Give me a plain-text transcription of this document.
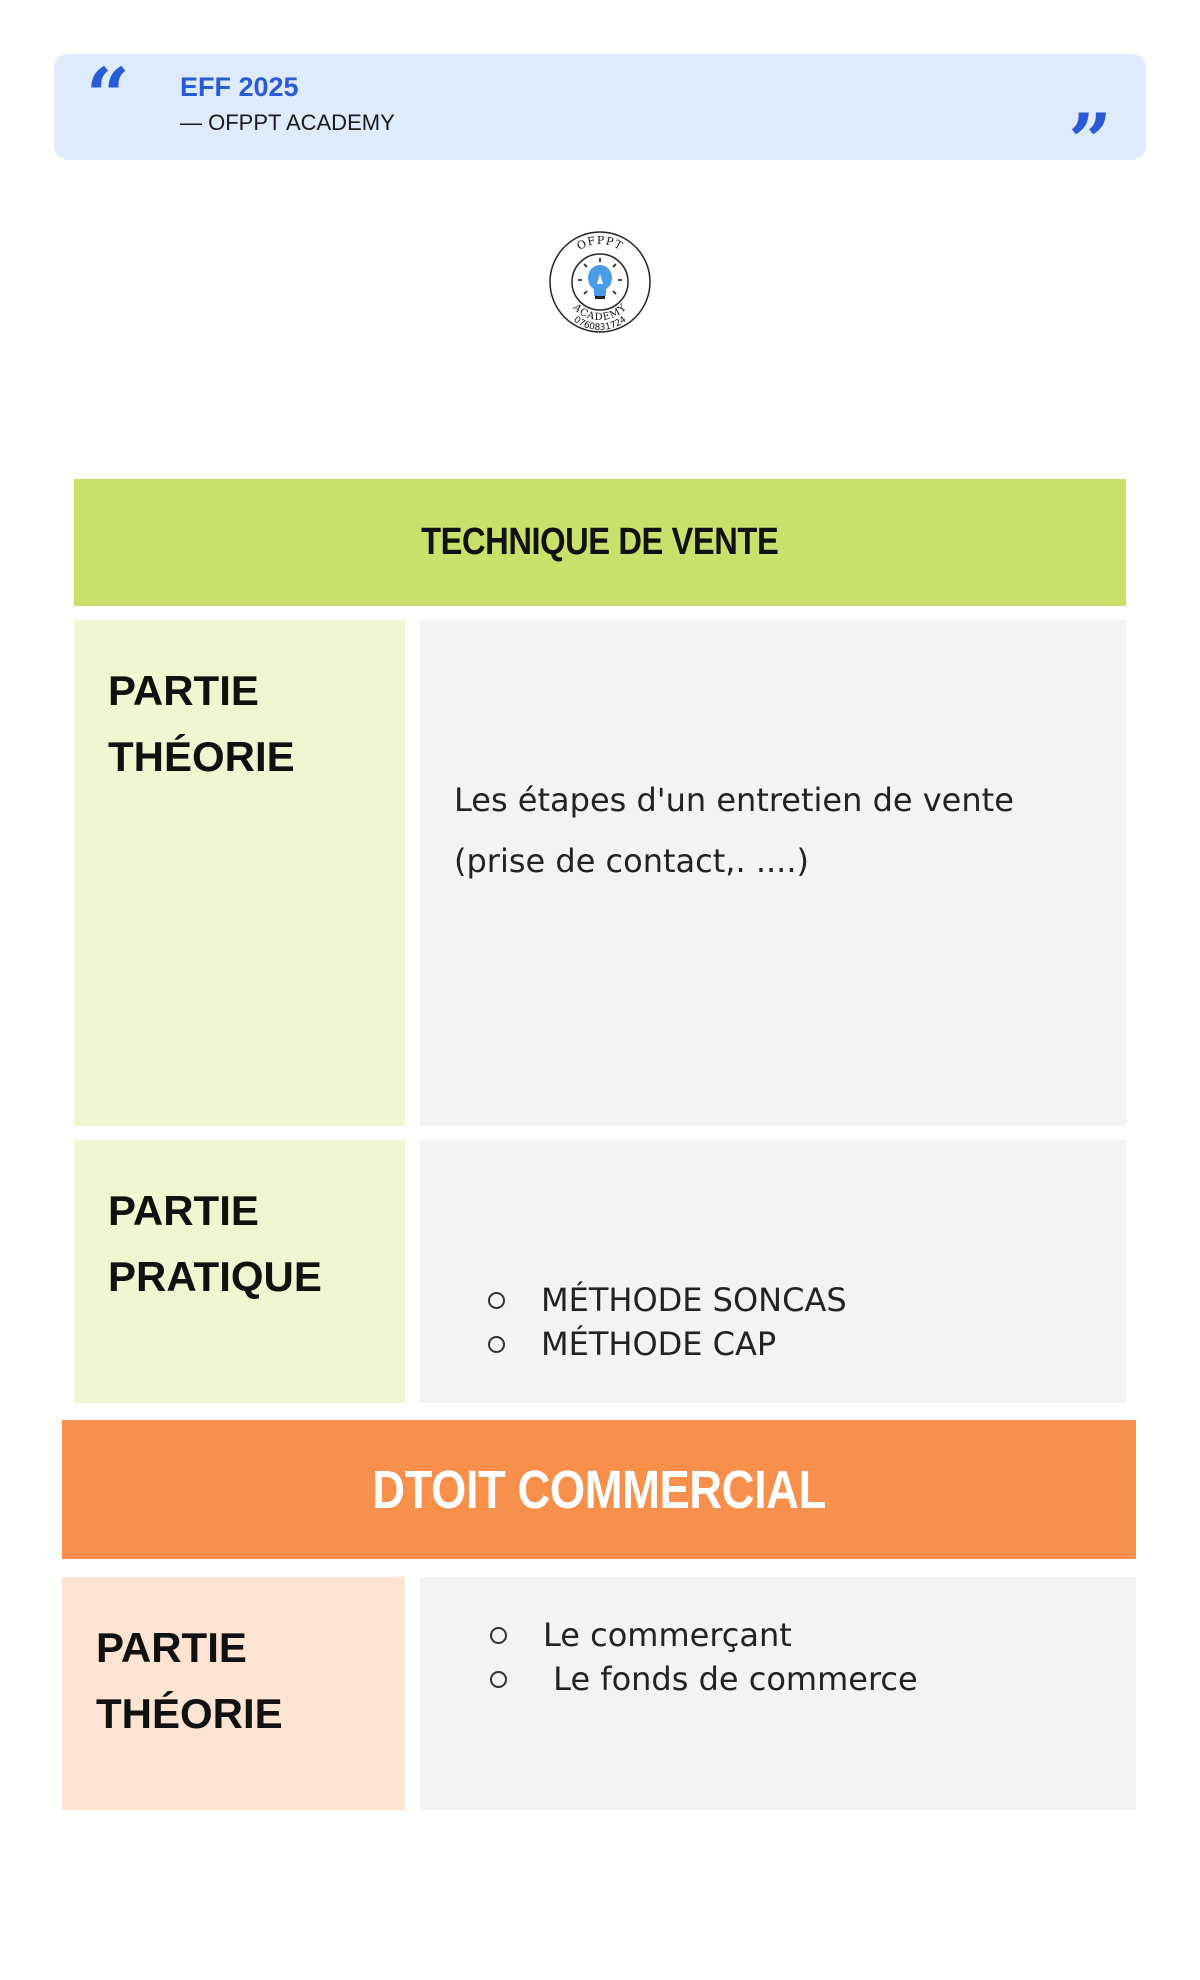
“ EFF 2025
— OFPPT ACADEMY	”
OFPPT
ACADEMY
0760831724
TECHNIQUE DE VENTE
PARTIE
THÉORIE
Les étapes d'un entretien de vente
(prise de contact,. ....)
PARTIE
PRATIQUE	MÉTHODE SONCAS
MÉTHODE CAP
DTOIT COMMERCIAL
PARTIE
THÉORIE
Le commerçant
Le fonds de commerce
